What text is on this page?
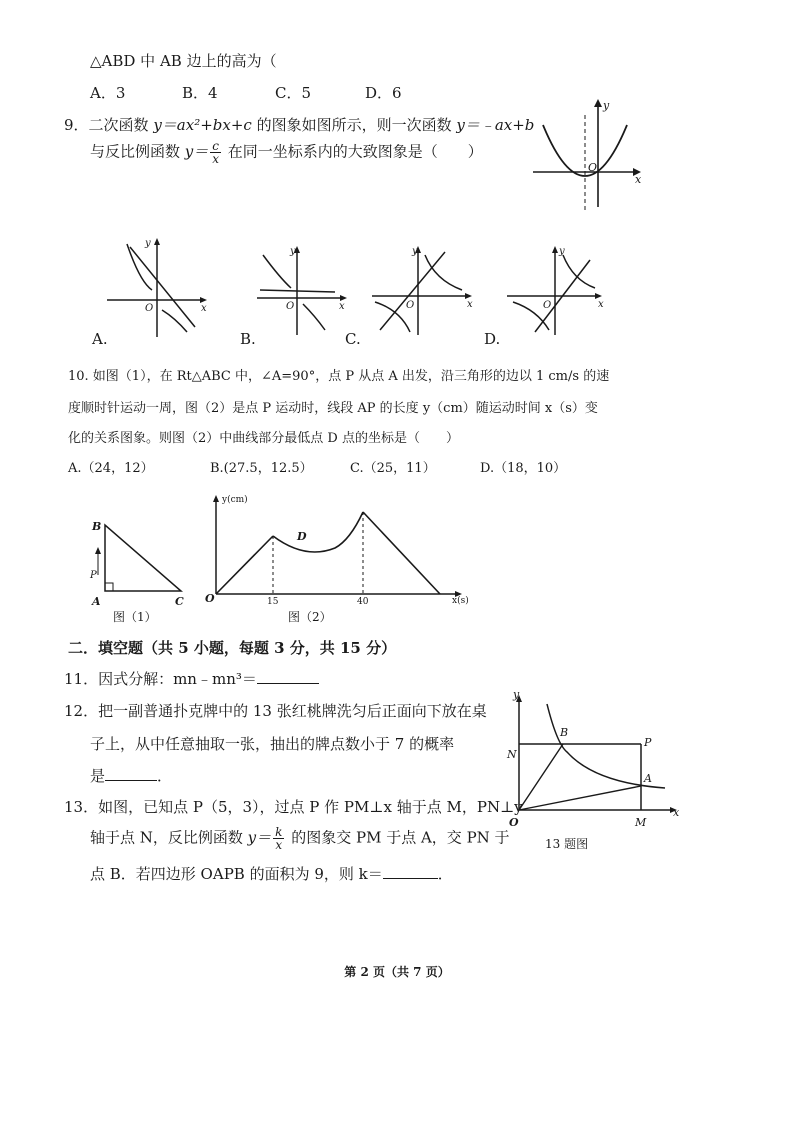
△ABD 中 AB 边上的高为（
A．3	B．4	C．5	D．6
9．二次函数 y＝ax²+bx+c 的图象如图所示，则一次函数 y＝﹣ax+b
与反比例函数 $y= \frac{c}{x}$ 在同一坐标系内的大致图象是（　　）
y
x
O
O	x
y
A.
O	x
y
B.
O	x
y
C.
O	x
y
D.
10. 如图（1），在 Rt△ABC 中，∠A=90°，点 P 从点 A 出发，沿三角形的边以 1 cm/s 的速
度顺时针运动一周，图（2）是点 P 运动时，线段 AP 的长度 y（cm）随运动时间 x（s）变
化的关系图象。则图（2）中曲线部分最低点 D 点的坐标是（　　）
A.（24，12）	B.(27.5，12.5）	C.（25，11）	D.（18，10）
B
A	C
P
图（1）
y(cm)
x(s)
O	15	40
D
图（2）
二．填空题（共 5 小题，每题 3 分，共 15 分）
11．因式分解：mn﹣mn³＝
12．把一副普通扑克牌中的 13 张红桃牌洗匀后正面向下放在桌
子上，从中任意抽取一张，抽出的牌点数小于 7 的概率
是	．
13．如图，已知点 P（5，3），过点 P 作 PM⊥x 轴于点 M，PN⊥y
轴于点 N，反比例函数 $y= \frac{k}{x}$ 的图象交 PM 于点 A，交 PN 于
点 B．若四边形 OAPB 的面积为 9，则 k＝	．
y
x
O
B
P
A
M
N
13 题图
第 2 页（共 7 页）
